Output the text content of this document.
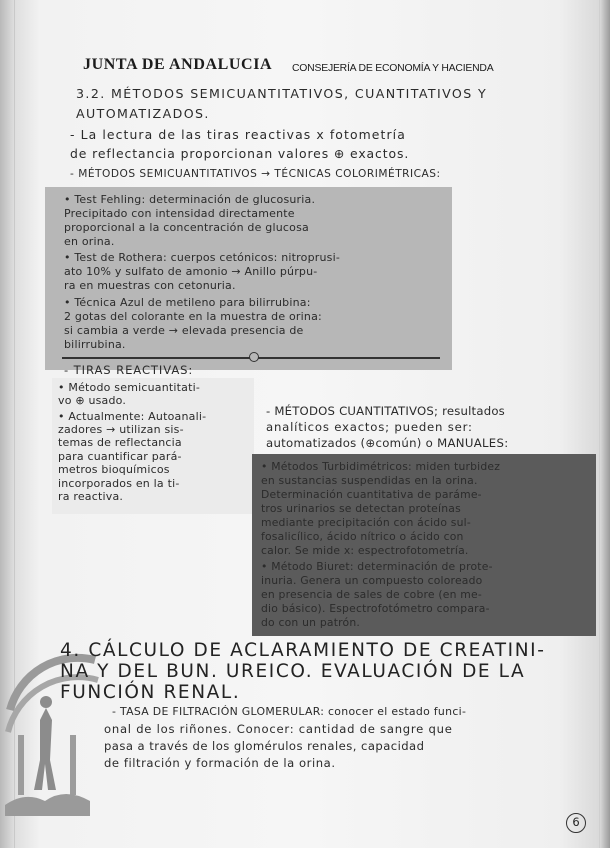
JUNTA DE ANDALUCIA CONSEJERÍA DE ECONOMÍA Y HACIENDA
3.2. MÉTODOS SEMICUANTITATIVOS, CUANTITATIVOS Y
AUTOMATIZADOS.
- La lectura de las tiras reactivas x fotometría
de reflectancia proporcionan valores ⊕ exactos.
- MÉTODOS SEMICUANTITATIVOS → TÉCNICAS COLORIMÉTRICAS:
• Test Fehling: determinación de glucosuria.
Precipitado con intensidad directamente
proporcional a la concentración de glucosa
en orina.
• Test de Rothera: cuerpos cetónicos: nitroprusi-
ato 10% y sulfato de amonio → Anillo púrpu-
ra en muestras con cetonuria.
• Técnica Azul de metileno para bilirrubina:
2 gotas del colorante en la muestra de orina:
si cambia a verde → elevada presencia de
bilirrubina.
- TIRAS REACTIVAS:
• Método semicuantitati-
vo ⊕ usado.
• Actualmente: Autoanali-
zadores → utilizan sis-
temas de reflectancia
para cuantificar pará-
metros bioquímicos
incorporados en la ti-
ra reactiva.
- MÉTODOS CUANTITATIVOS; resultados
analíticos exactos; pueden ser:
automatizados (⊕común) o MANUALES:
• Métodos Turbidimétricos: miden turbidez
en sustancias suspendidas en la orina.
Determinación cuantitativa de paráme-
tros urinarios se detectan proteínas
mediante precipitación con ácido sul-
fosalicílico, ácido nítrico o ácido con
calor. Se mide x: espectrofotometría.
• Método Biuret: determinación de prote-
inuria. Genera un compuesto coloreado
en presencia de sales de cobre (en me-
dio básico). Espectrofotómetro compara-
do con un patrón.
4. CÁLCULO DE ACLARAMIENTO DE CREATINI-
NA Y DEL BUN. UREICO. EVALUACIÓN DE LA
FUNCIÓN RENAL.
- TASA DE FILTRACIÓN GLOMERULAR: conocer el estado funci-
onal de los riñones. Conocer: cantidad de sangre que
pasa a través de los glomérulos renales, capacidad
de filtración y formación de la orina.
6
